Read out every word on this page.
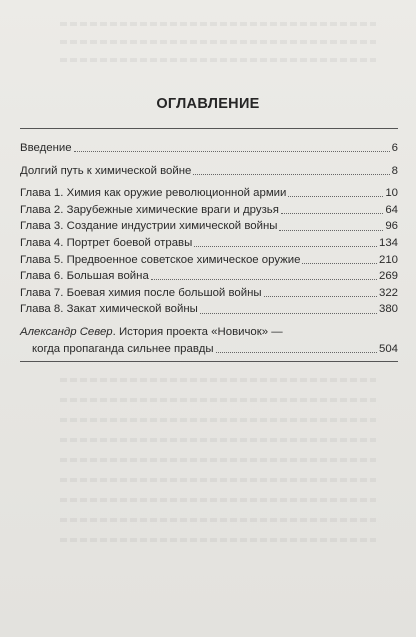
ОГЛАВЛЕНИЕ
Введение	6
Долгий путь к химической войне	8
Глава 1. Химия как оружие революционной армии	10
Глава 2. Зарубежные химические враги и друзья	64
Глава 3. Создание индустрии химической войны	96
Глава 4. Портрет боевой отравы	134
Глава 5. Предвоенное советское химическое оружие	210
Глава 6. Большая война	269
Глава 7. Боевая химия после большой войны	322
Глава 8. Закат химической войны	380
Александр Север. История проекта «Новичок» —
когда пропаганда сильнее правды	504
